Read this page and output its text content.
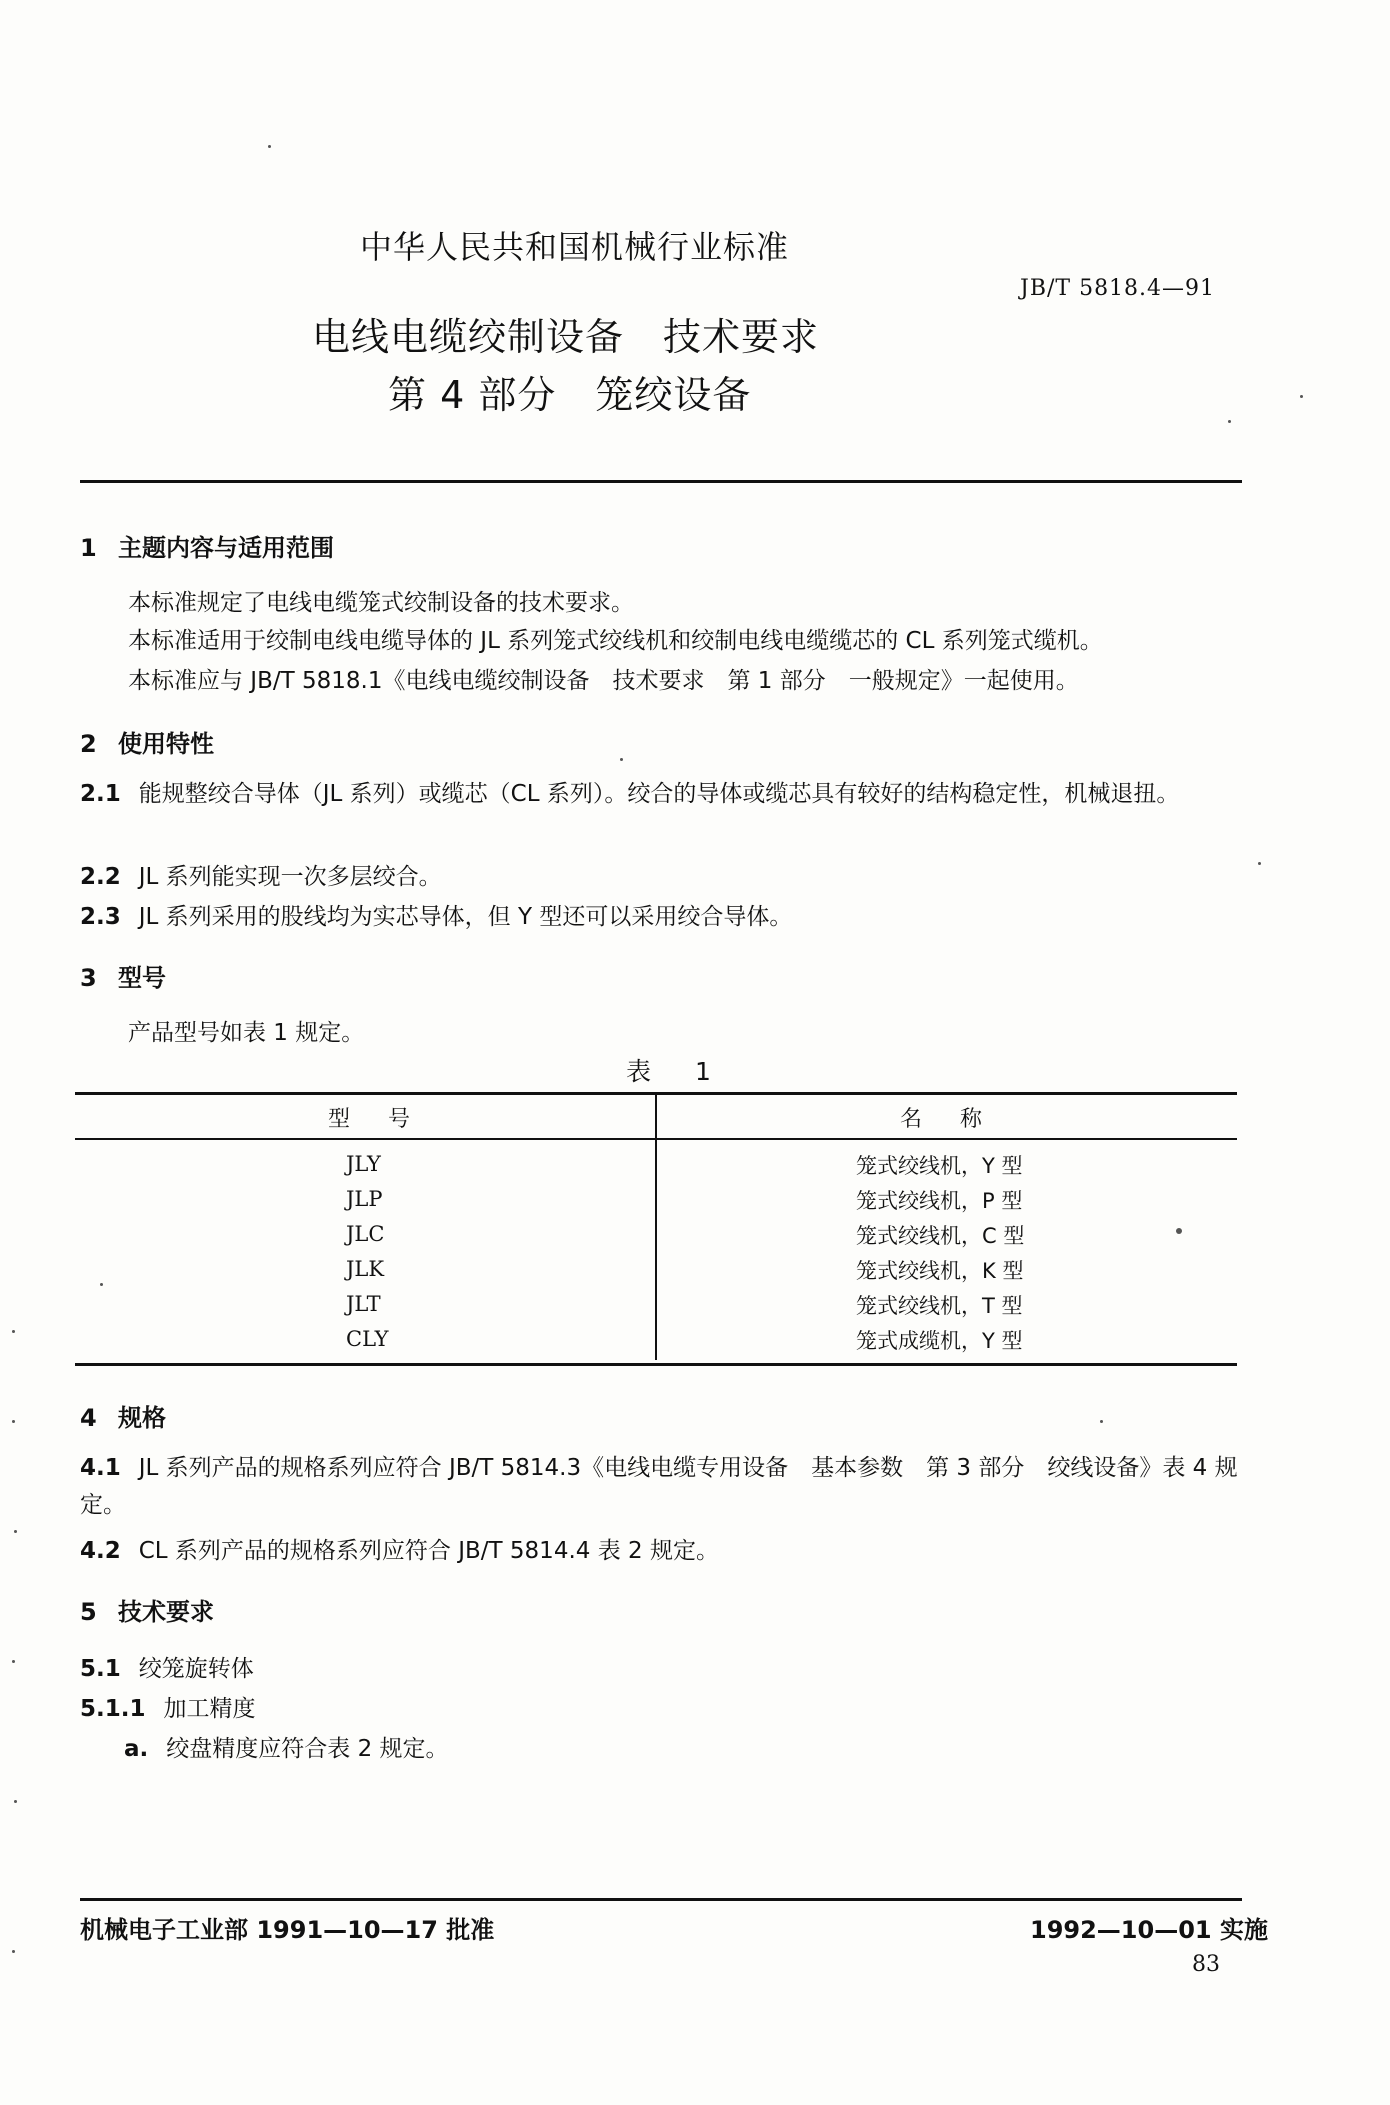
中华人民共和国机械行业标准
JB/T 5818.4—91
电线电缆绞制设备　技术要求
第 4 部分　笼绞设备
1 主题内容与适用范围
本标准规定了电线电缆笼式绞制设备的技术要求。
本标准适用于绞制电线电缆导体的 JL 系列笼式绞线机和绞制电线电缆缆芯的 CL 系列笼式缆机。
本标准应与 JB/T 5818.1《电线电缆绞制设备　技术要求　第 1 部分　一般规定》一起使用。
2 使用特性
2.1 能规整绞合导体（JL 系列）或缆芯（CL 系列）。绞合的导体或缆芯具有较好的结构稳定性，机械退扭。
2.2 JL 系列能实现一次多层绞合。
2.3 JL 系列采用的股线均为实芯导体，但 Y 型还可以采用绞合导体。
3 型号
产品型号如表 1 规定。
表 1
型号	名称
JLY	笼式绞线机，Y 型
JLP	笼式绞线机，P 型
JLC	笼式绞线机，C 型
JLK	笼式绞线机，K 型
JLT	笼式绞线机，T 型
CLY	笼式成缆机，Y 型
4 规格
4.1 JL 系列产品的规格系列应符合 JB/T 5814.3《电线电缆专用设备　基本参数　第 3 部分　绞线设备》表 4 规定。
4.2 CL 系列产品的规格系列应符合 JB/T 5814.4 表 2 规定。
5 技术要求
5.1 绞笼旋转体
5.1.1 加工精度
a. 绞盘精度应符合表 2 规定。
机械电子工业部 1991—10—17 批准	1992—10—01 实施
83
